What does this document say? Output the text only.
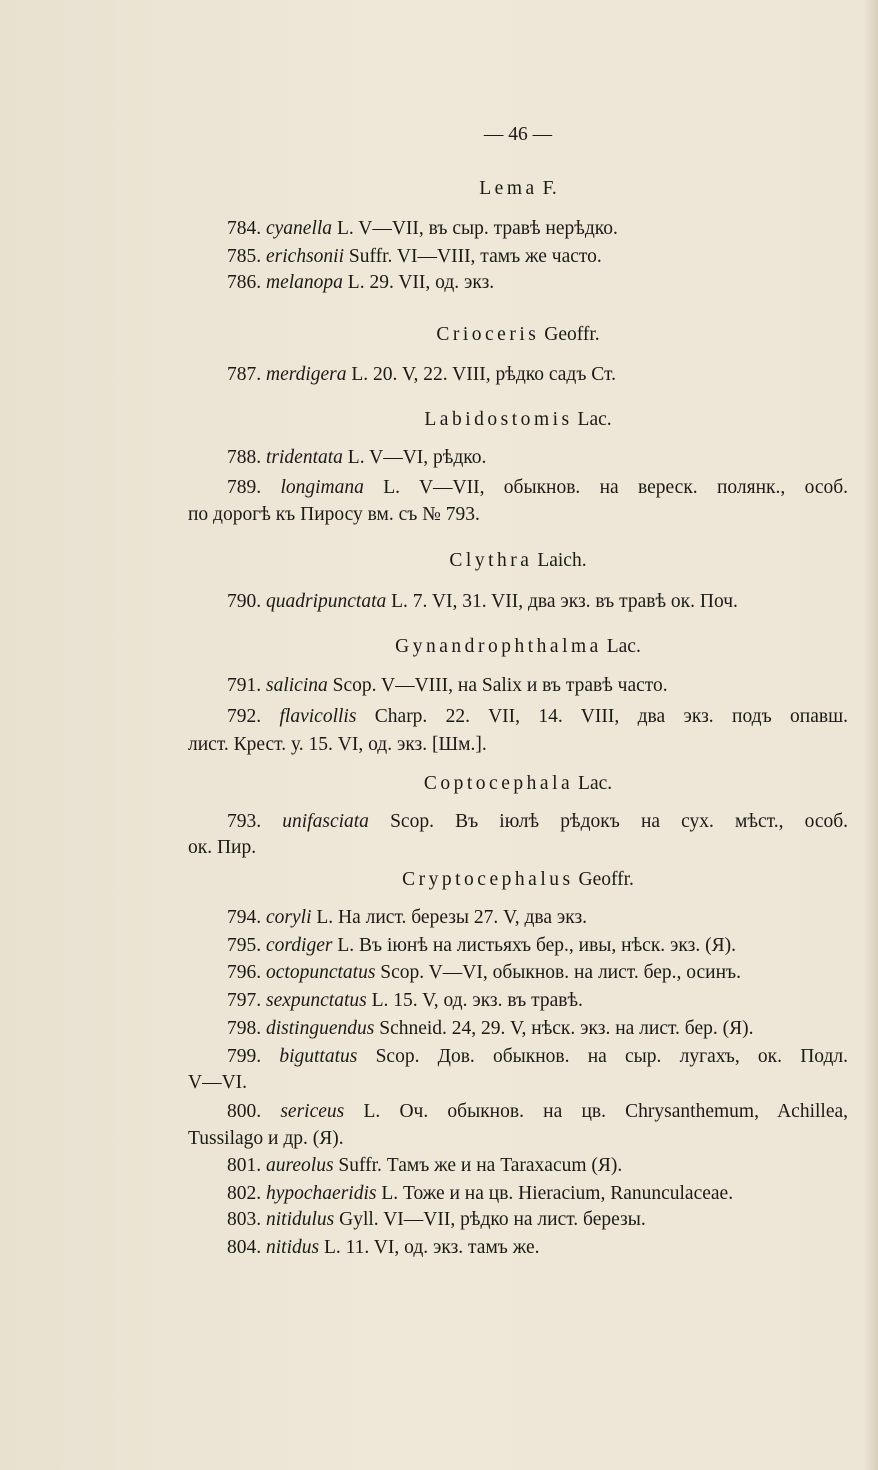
— 46 —
Lema F.
784. cyanella L. V—VII, въ сыр. травѣ нерѣдко.
785. erichsonii Suffr. VI—VIII, тамъ же часто.
786. melanopa L. 29. VII, од. экз.
Crioceris Geoffr.
787. merdigera L. 20. V, 22. VIII, рѣдко садъ Ст.
Labidostomis Lac.
788. tridentata L. V—VI, рѣдко.
789. longimana L. V—VII, обыкнов. на вереск. полянк., особ.
по дорогѣ къ Пиросу вм. съ № 793.
Clythra Laich.
790. quadripunctata L. 7. VI, 31. VII, два экз. въ травѣ ок. Поч.
Gynandrophthalma Lac.
791. salicina Scop. V—VIII, на Salix и въ травѣ часто.
792. flavicollis Charp. 22. VII, 14. VIII, два экз. подъ опавш.
лист. Крест. у. 15. VI, од. экз. [Шм.].
Coptocephala Lac.
793. unifasciata Scop. Въ іюлѣ рѣдокъ на сух. мѣст., особ.
ок. Пир.
Cryptocephalus Geoffr.
794. coryli L. На лист. березы 27. V, два экз.
795. cordiger L. Въ іюнѣ на листьяхъ бер., ивы, нѣск. экз. (Я).
796. octopunctatus Scop. V—VI, обыкнов. на лист. бер., осинъ.
797. sexpunctatus L. 15. V, од. экз. въ травѣ.
798. distinguendus Schneid. 24, 29. V, нѣск. экз. на лист. бер. (Я).
799. biguttatus Scop. Дов. обыкнов. на сыр. лугахъ, ок. Подл.
V—VI.
800. sericeus L. Оч. обыкнов. на цв. Chrysanthemum, Achillea,
Tussilago и др. (Я).
801. aureolus Suffr. Тамъ же и на Taraxacum (Я).
802. hypochaeridis L. Тоже и на цв. Hieracium, Ranunculaceae.
803. nitidulus Gyll. VI—VII, рѣдко на лист. березы.
804. nitidus L. 11. VI, од. экз. тамъ же.
